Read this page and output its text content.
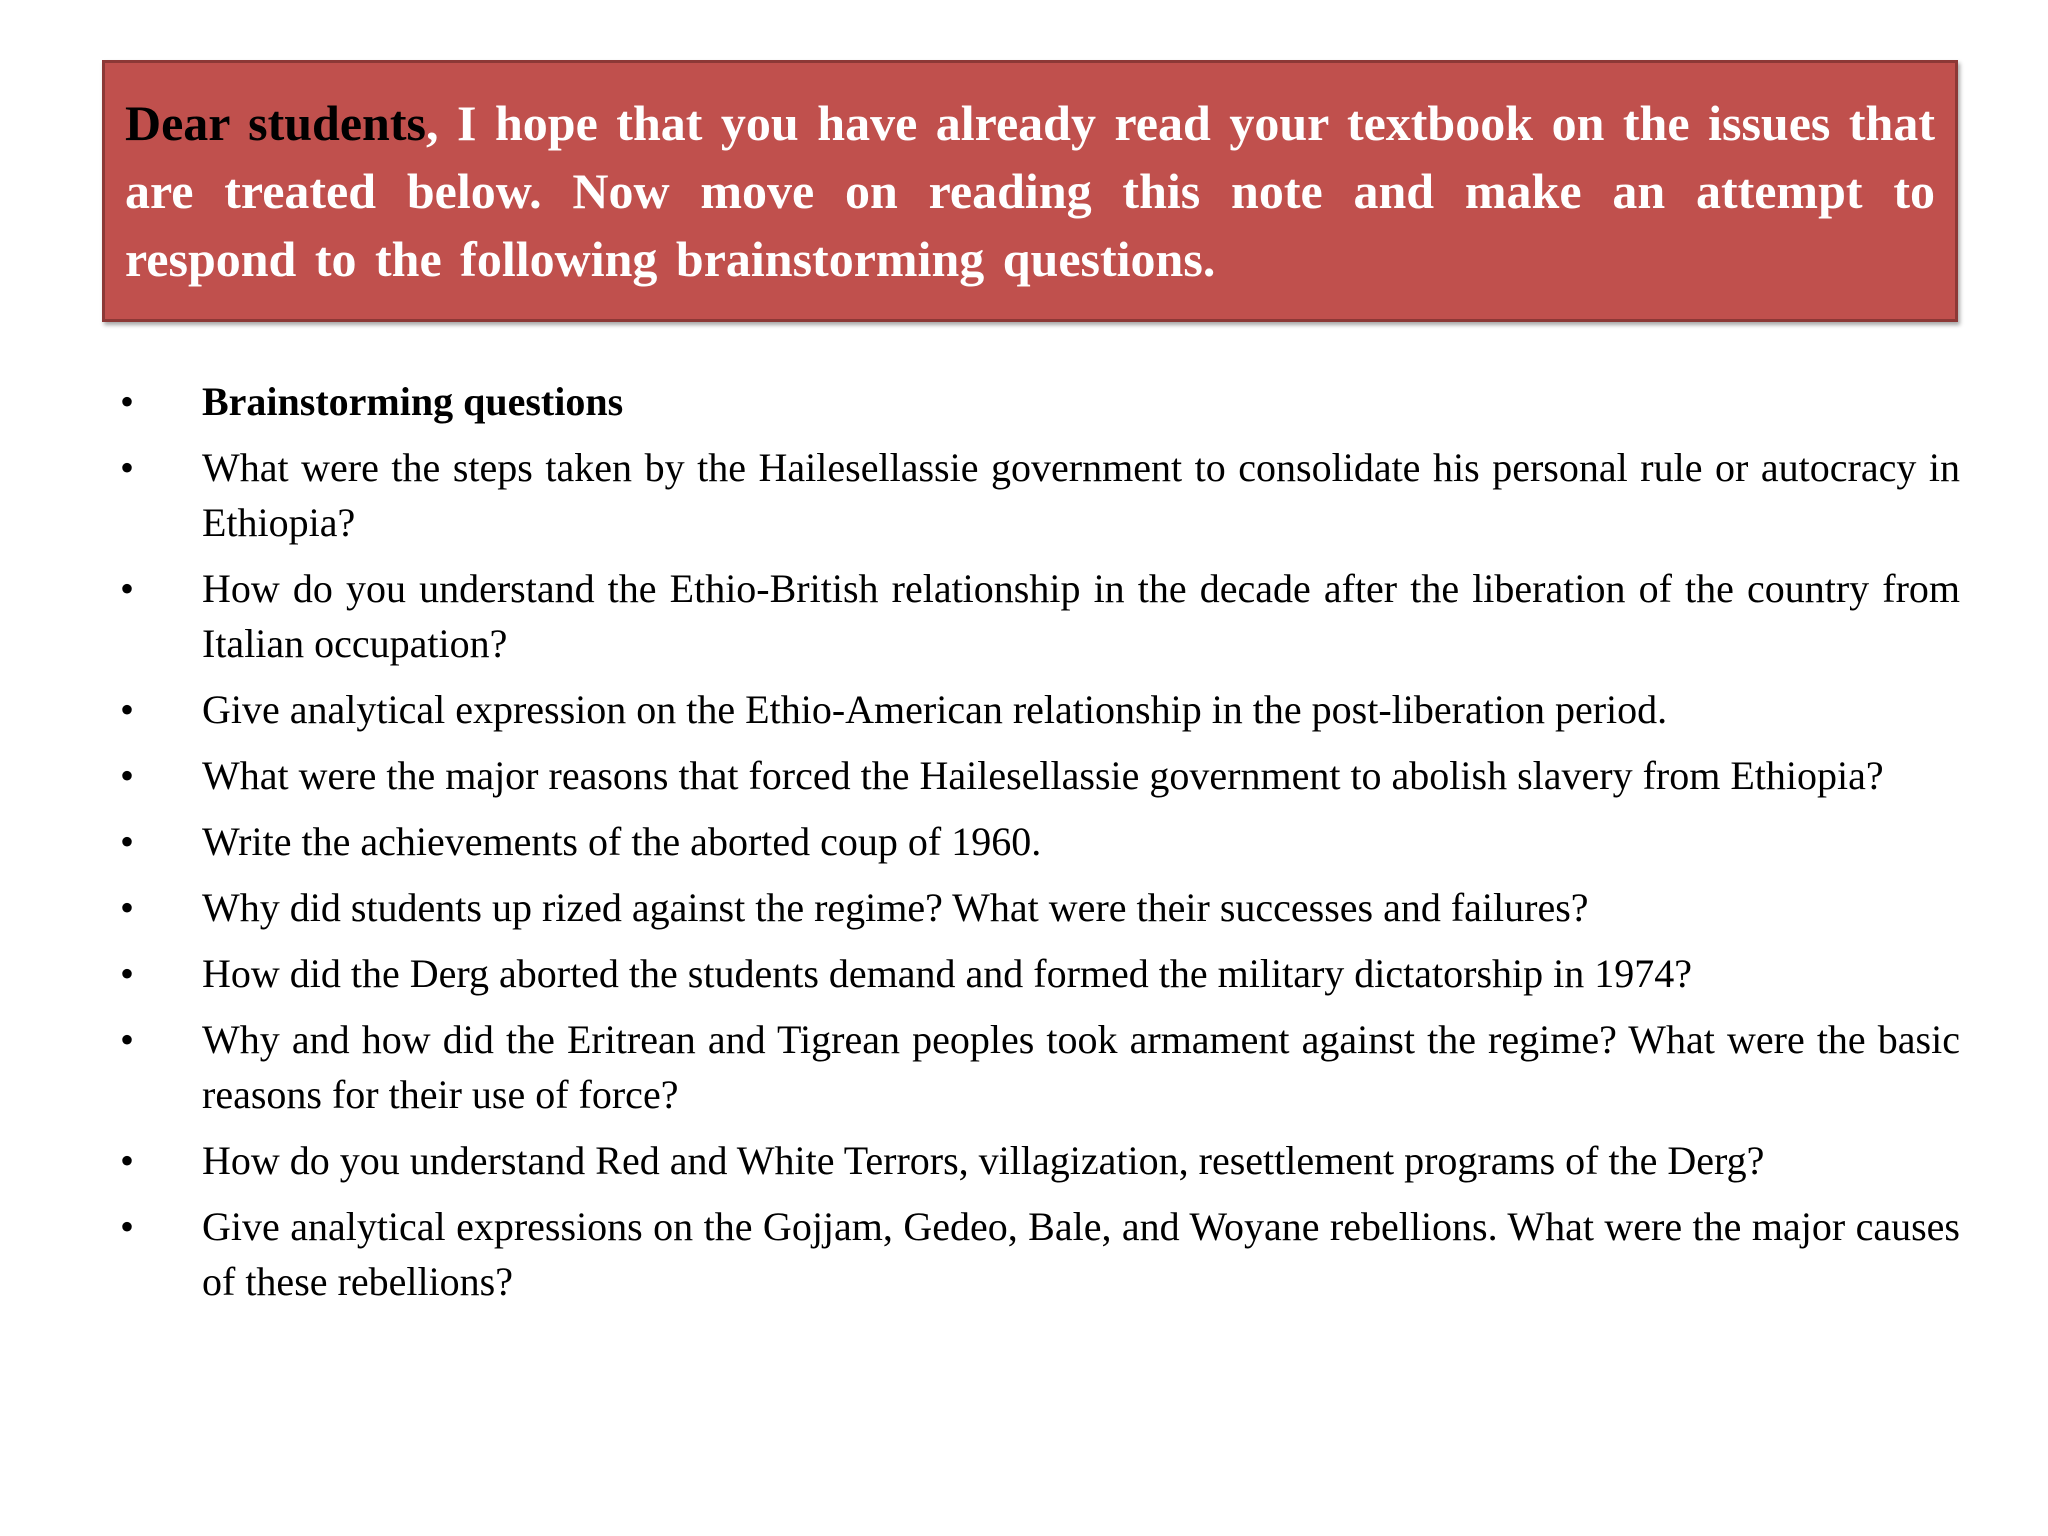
Dear students, I hope that you have already read your textbook on the issues that are treated below. Now move on reading this note and make an attempt to respond to the following brainstorming questions.

• Brainstorming questions
• What were the steps taken by the Hailesellassie government to consolidate his personal rule or autocracy in Ethiopia?
• How do you understand the Ethio-British relationship in the decade after the liberation of the country from Italian occupation?
• Give analytical expression on the Ethio-American relationship in the post-liberation period.
• What were the major reasons that forced the Hailesellassie government to abolish slavery from Ethiopia?
• Write the achievements of the aborted coup of 1960.
• Why did students up rized against the regime? What were their successes and failures?
• How did the Derg aborted the students demand and formed the military dictatorship in 1974?
• Why and how did the Eritrean and Tigrean peoples took armament against the regime? What were the basic reasons for their use of force?
• How do you understand Red and White Terrors, villagization, resettlement programs of the Derg?
• Give analytical expressions on the Gojjam, Gedeo, Bale, and Woyane rebellions. What were the major causes of these rebellions?
